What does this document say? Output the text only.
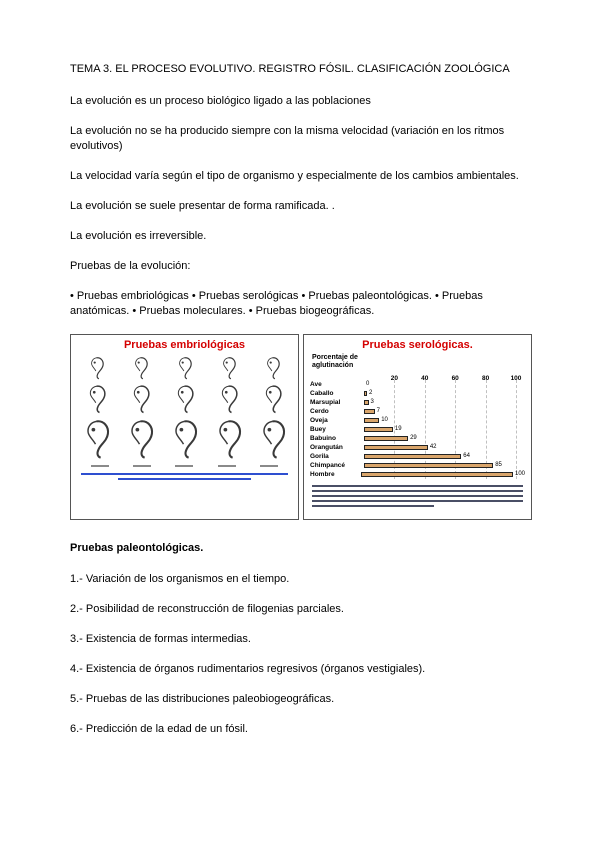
TEMA 3. EL PROCESO EVOLUTIVO. REGISTRO FÓSIL. CLASIFICACIÓN ZOOLÓGICA

La evolución es un proceso biológico ligado a las poblaciones

La evolución no se ha producido siempre con la misma velocidad (variación en los ritmos evolutivos)

La velocidad varía según el tipo de organismo y especialmente de los cambios ambientales.

La evolución se suele presentar de forma ramificada. .

La evolución es irreversible.

Pruebas de la evolución:

• Pruebas embriológicas • Pruebas serológicas • Pruebas paleontológicas. • Pruebas anatómicas. • Pruebas moleculares. • Pruebas biogeográficas.

Pruebas embriológicas	Pruebas serológicas.
Porcentaje de aglutinación
20	40	60	80	100
Ave	0
Caballo	2
Marsupial	3
Cerdo	7
Oveja	10
Buey	19
Babuino	29
Orangután	42
Gorila	64
Chimpancé	85
Hombre	100

Pruebas paleontológicas.

1.- Variación de los organismos en el tiempo.

2.- Posibilidad de reconstrucción de filogenias parciales.

3.- Existencia de formas intermedias.

4.- Existencia de órganos rudimentarios regresivos (órganos vestigiales).

5.- Pruebas de las distribuciones paleobiogeográficas.

6.- Predicción de la edad de un fósil.
